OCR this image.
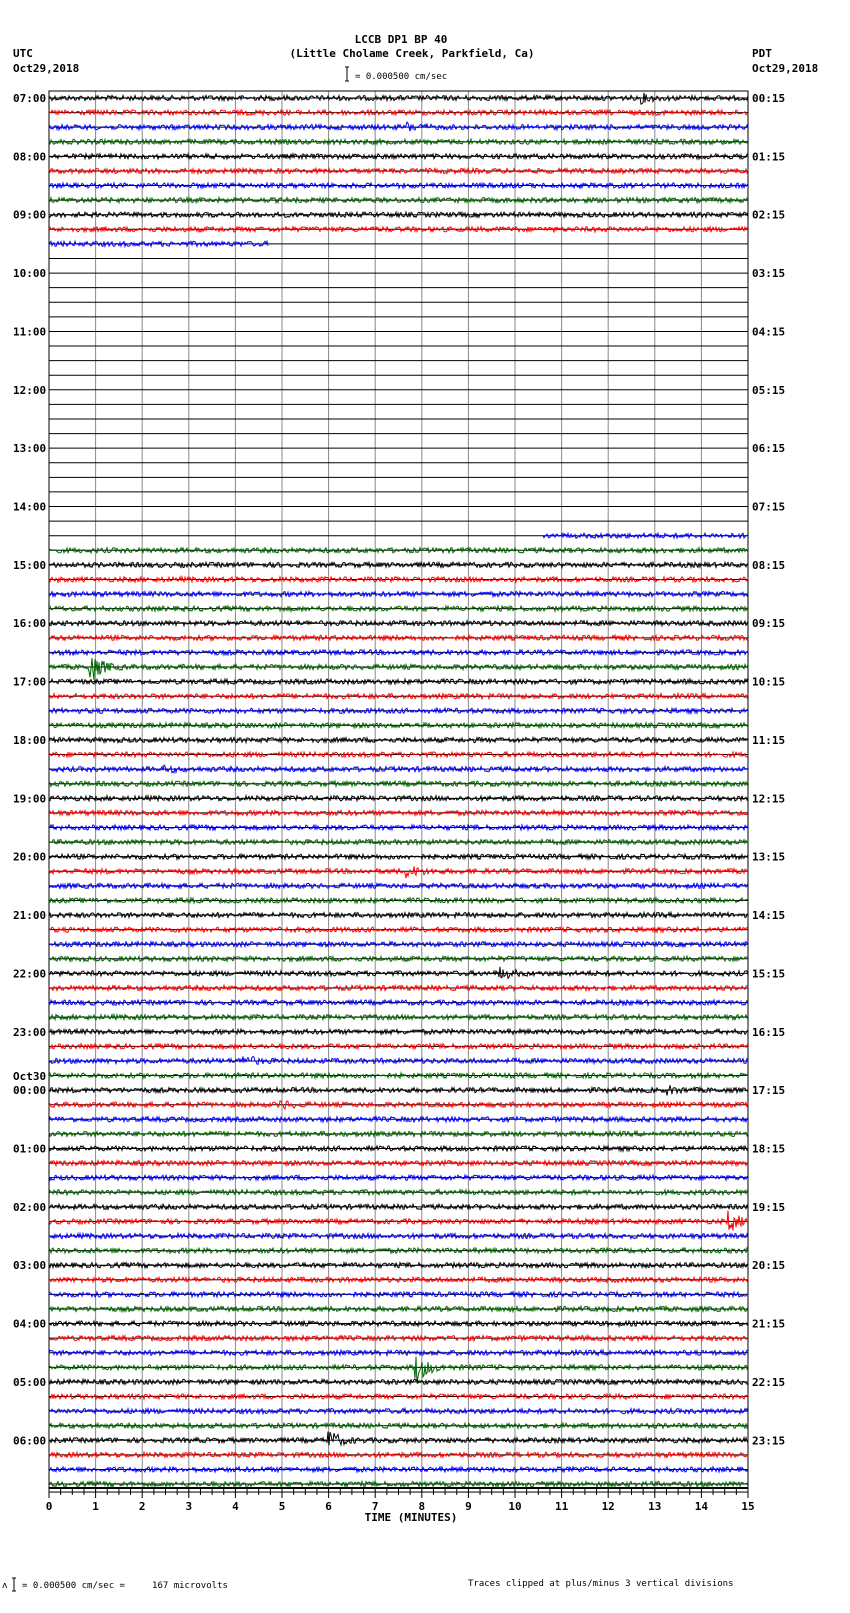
LCCB DP1 BP 40
(Little Cholame Creek, Parkfield, Ca)
UTC
Oct29,2018
PDT
Oct29,2018
= 0.000500 cm/sec
07:00
08:00
09:00
10:00
11:00
12:00
13:00
14:00
15:00
16:00
17:00
18:00
19:00
20:00
21:00
22:00
23:00
00:00
Oct30
01:00
02:00
03:00
04:00
05:00
06:00
00:15
01:15
02:15
03:15
04:15
05:15
06:15
07:15
08:15
09:15
10:15
11:15
12:15
13:15
14:15
15:15
16:15
17:15
18:15
19:15
20:15
21:15
22:15
23:15
0	1	2	3	4	5	6	7	8	9	10	11	12	13	14	15
TIME (MINUTES)
ʌ = 0.000500 cm/sec =     167 microvolts	Traces clipped at plus/minus 3 vertical divisions
